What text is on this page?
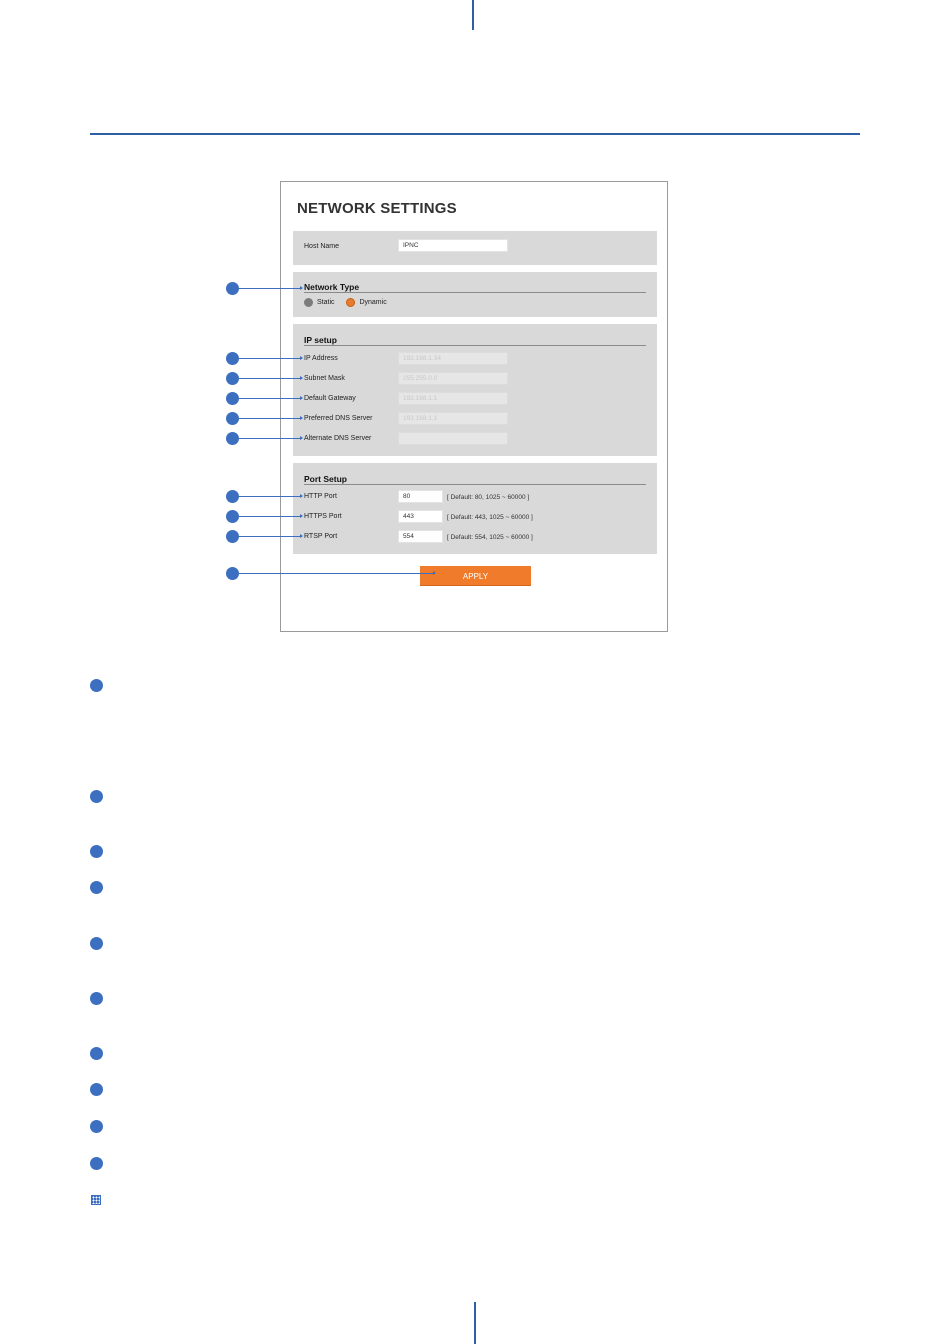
NETWORK SETTINGS
Host Name	IPNC
Network Type
Static	Dynamic
IP setup
IP Address	192.168.1.34
Subnet Mask	255.255.0.0
Default Gateway	192.168.1.1
Preferred DNS Server	192.168.1.1
Alternate DNS Server
Port Setup
HTTP Port	80	[ Default: 80, 1025 ~ 60000 ]
HTTPS Port	443	[ Default: 443, 1025 ~ 60000 ]
RTSP Port	554	[ Default: 554, 1025 ~ 60000 ]
APPLY
